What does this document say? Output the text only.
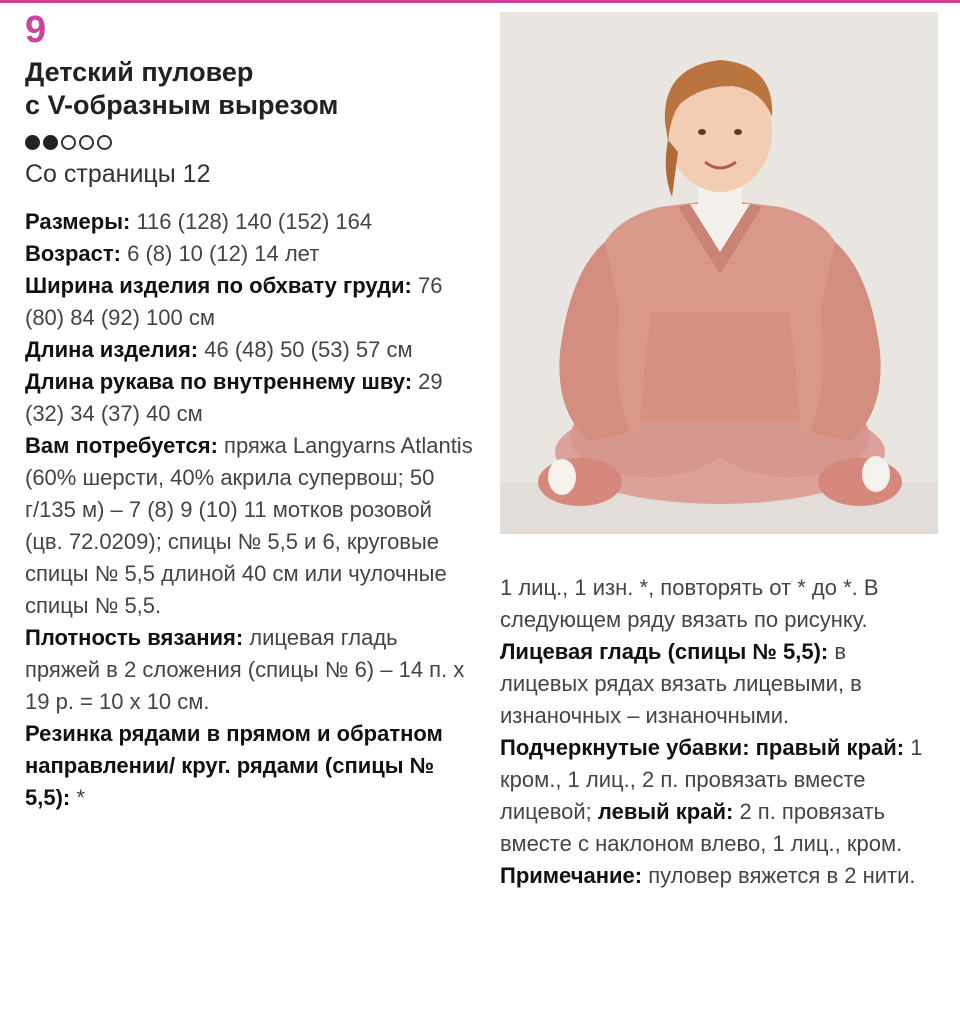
9
Детский пуловер
с V-образным вырезом
Со страницы 12
Размеры: 116 (128) 140 (152) 164
Возраст: 6 (8) 10 (12) 14 лет
Ширина изделия по обхвату груди: 76 (80) 84 (92) 100 см
Длина изделия: 46 (48) 50 (53) 57 см
Длина рукава по внутреннему шву: 29 (32) 34 (37) 40 см
Вам потребуется: пряжа Langyarns Atlantis (60% шерсти, 40% акрила супервош; 50 г/135 м) – 7 (8) 9 (10) 11 мотков розовой (цв. 72.0209); спицы № 5,5 и 6, круговые спицы № 5,5 длиной 40 см или чулочные спицы № 5,5.
Плотность вязания: лицевая гладь пряжей в 2 сложения (спицы № 6) – 14 п. х 19 р. = 10 х 10 см.
Резинка рядами в прямом и обратном направлении/ круг. рядами (спицы № 5,5): *
1 лиц., 1 изн. *, повторять от * до *. В следующем ряду вязать по рисунку.
Лицевая гладь (спицы № 5,5): в лицевых рядах вязать лицевыми, в изнаночных – изнаночными.
Подчеркнутые убавки: правый край: 1 кром., 1 лиц., 2 п. провязать вместе лицевой; левый край: 2 п. провязать вместе с наклоном влево, 1 лиц., кром.
Примечание: пуловер вяжется в 2 нити.
